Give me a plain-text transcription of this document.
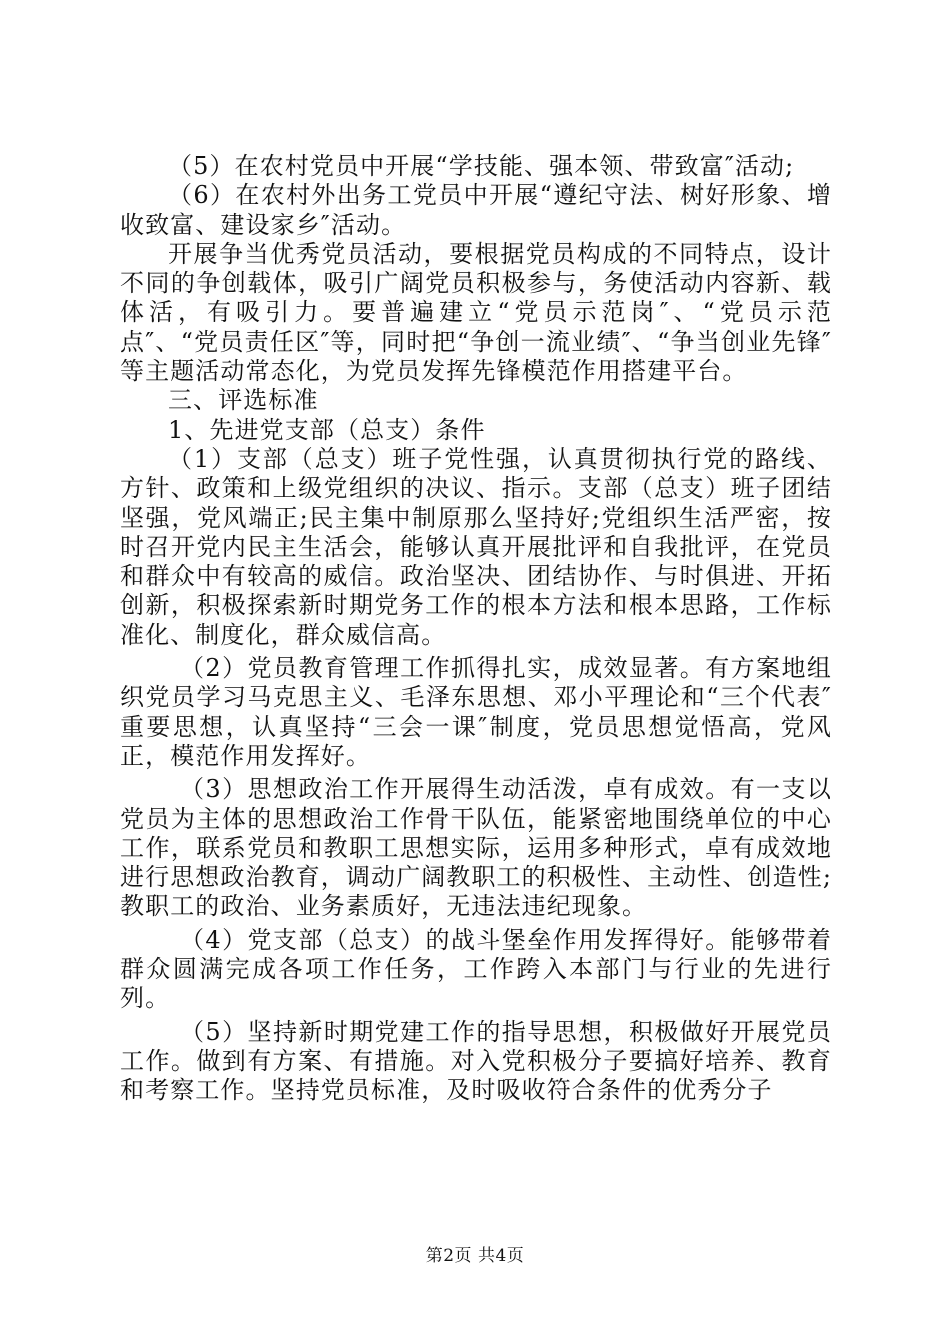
（5）在农村党员中开展“学技能、强本领、带致富″活动;

（6）在农村外出务工党员中开展“遵纪守法、树好形象、增收致富、建设家乡″活动。

开展争当优秀党员活动，要根据党员构成的不同特点，设计不同的争创载体，吸引广阔党员积极参与，务使活动内容新、载体活，有吸引力。要普遍建立“党员示范岗″、“党员示范点″、“党员责任区″等，同时把“争创一流业绩″、“争当创业先锋″等主题活动常态化，为党员发挥先锋模范作用搭建平台。

三、评选标准

1、先进党支部（总支）条件

（1）支部（总支）班子党性强，认真贯彻执行党的路线、方针、政策和上级党组织的决议、指示。支部（总支）班子团结坚强，党风端正;民主集中制原那么坚持好;党组织生活严密，按时召开党内民主生活会，能够认真开展批评和自我批评，在党员和群众中有较高的威信。政治坚决、团结协作、与时俱进、开拓创新，积极探索新时期党务工作的根本方法和根本思路，工作标准化、制度化，群众威信高。

（2）党员教育管理工作抓得扎实，成效显著。有方案地组织党员学习马克思主义、毛泽东思想、邓小平理论和“三个代表″重要思想，认真坚持“三会一课″制度，党员思想觉悟高，党风正，模范作用发挥好。

（3）思想政治工作开展得生动活泼，卓有成效。有一支以党员为主体的思想政治工作骨干队伍，能紧密地围绕单位的中心工作，联系党员和教职工思想实际，运用多种形式，卓有成效地进行思想政治教育，调动广阔教职工的积极性、主动性、创造性;教职工的政治、业务素质好，无违法违纪现象。

（4）党支部（总支）的战斗堡垒作用发挥得好。能够带着群众圆满完成各项工作任务，工作跨入本部门与行业的先进行列。

（5）坚持新时期党建工作的指导思想，积极做好开展党员工作。做到有方案、有措施。对入党积极分子要搞好培养、教育和考察工作。坚持党员标准，及时吸收符合条件的优秀分子

第2页 共4页
